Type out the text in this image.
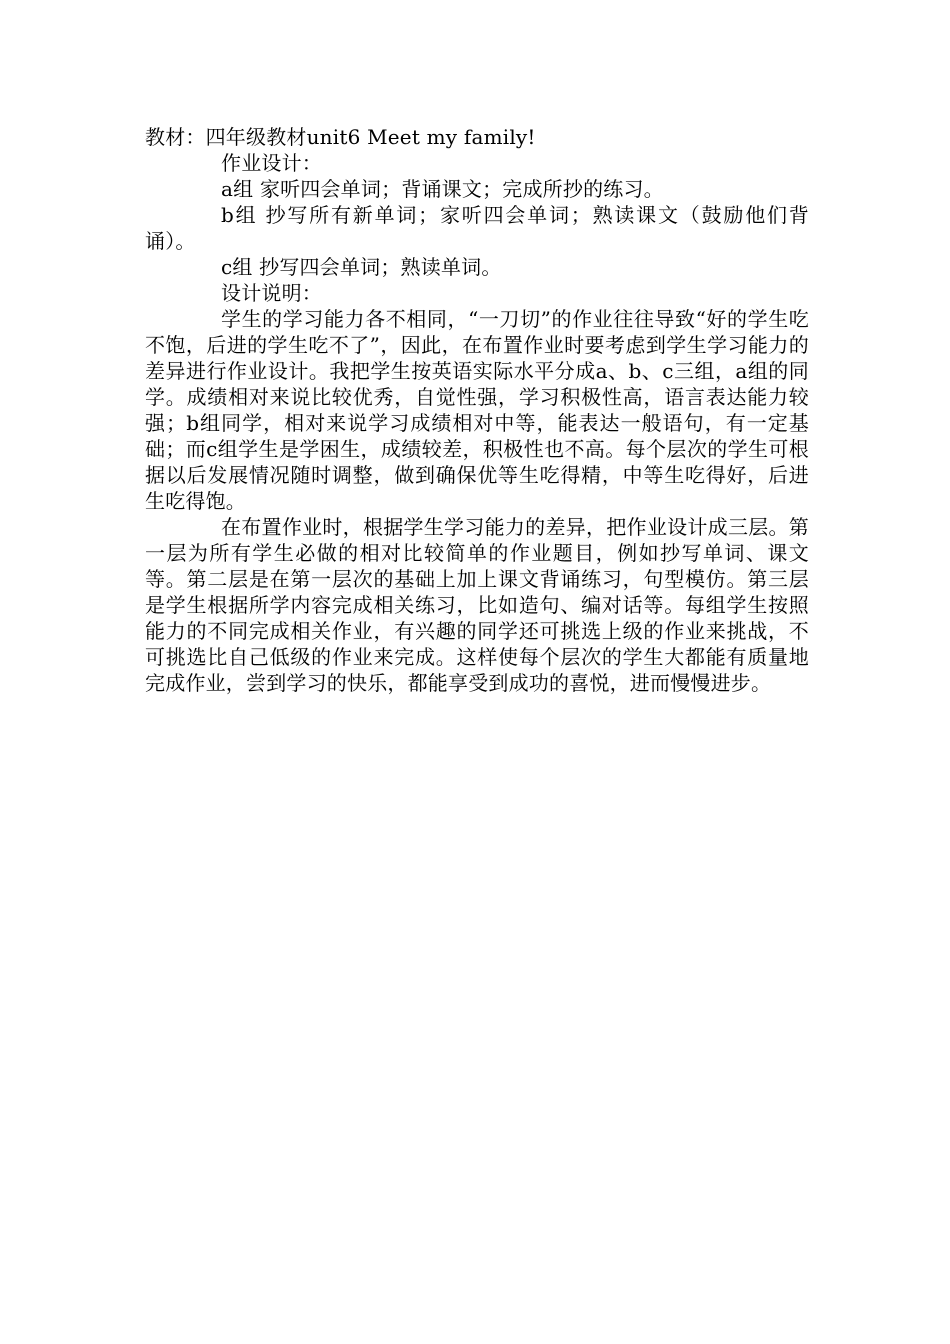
教材：四年级教材unit6 Meet my family!

作业设计：

a组 家听四会单词；背诵课文；完成所抄的练习。

b组 抄写所有新单词；家听四会单词；熟读课文（鼓励他们背诵）。

c组 抄写四会单词；熟读单词。

设计说明：

学生的学习能力各不相同，“一刀切”的作业往往导致“好的学生吃不饱，后进的学生吃不了”，因此，在布置作业时要考虑到学生学习能力的差异进行作业设计。我把学生按英语实际水平分成a、b、c三组，a组的同学。成绩相对来说比较优秀，自觉性强，学习积极性高，语言表达能力较强；b组同学，相对来说学习成绩相对中等，能表达一般语句，有一定基础；而c组学生是学困生，成绩较差，积极性也不高。每个层次的学生可根据以后发展情况随时调整，做到确保优等生吃得精，中等生吃得好，后进生吃得饱。

在布置作业时，根据学生学习能力的差异，把作业设计成三层。第一层为所有学生必做的相对比较简单的作业题目，例如抄写单词、课文等。第二层是在第一层次的基础上加上课文背诵练习，句型模仿。第三层是学生根据所学内容完成相关练习，比如造句、编对话等。每组学生按照能力的不同完成相关作业，有兴趣的同学还可挑选上级的作业来挑战，不可挑选比自己低级的作业来完成。这样使每个层次的学生大都能有质量地完成作业，尝到学习的快乐，都能享受到成功的喜悦，进而慢慢进步。
